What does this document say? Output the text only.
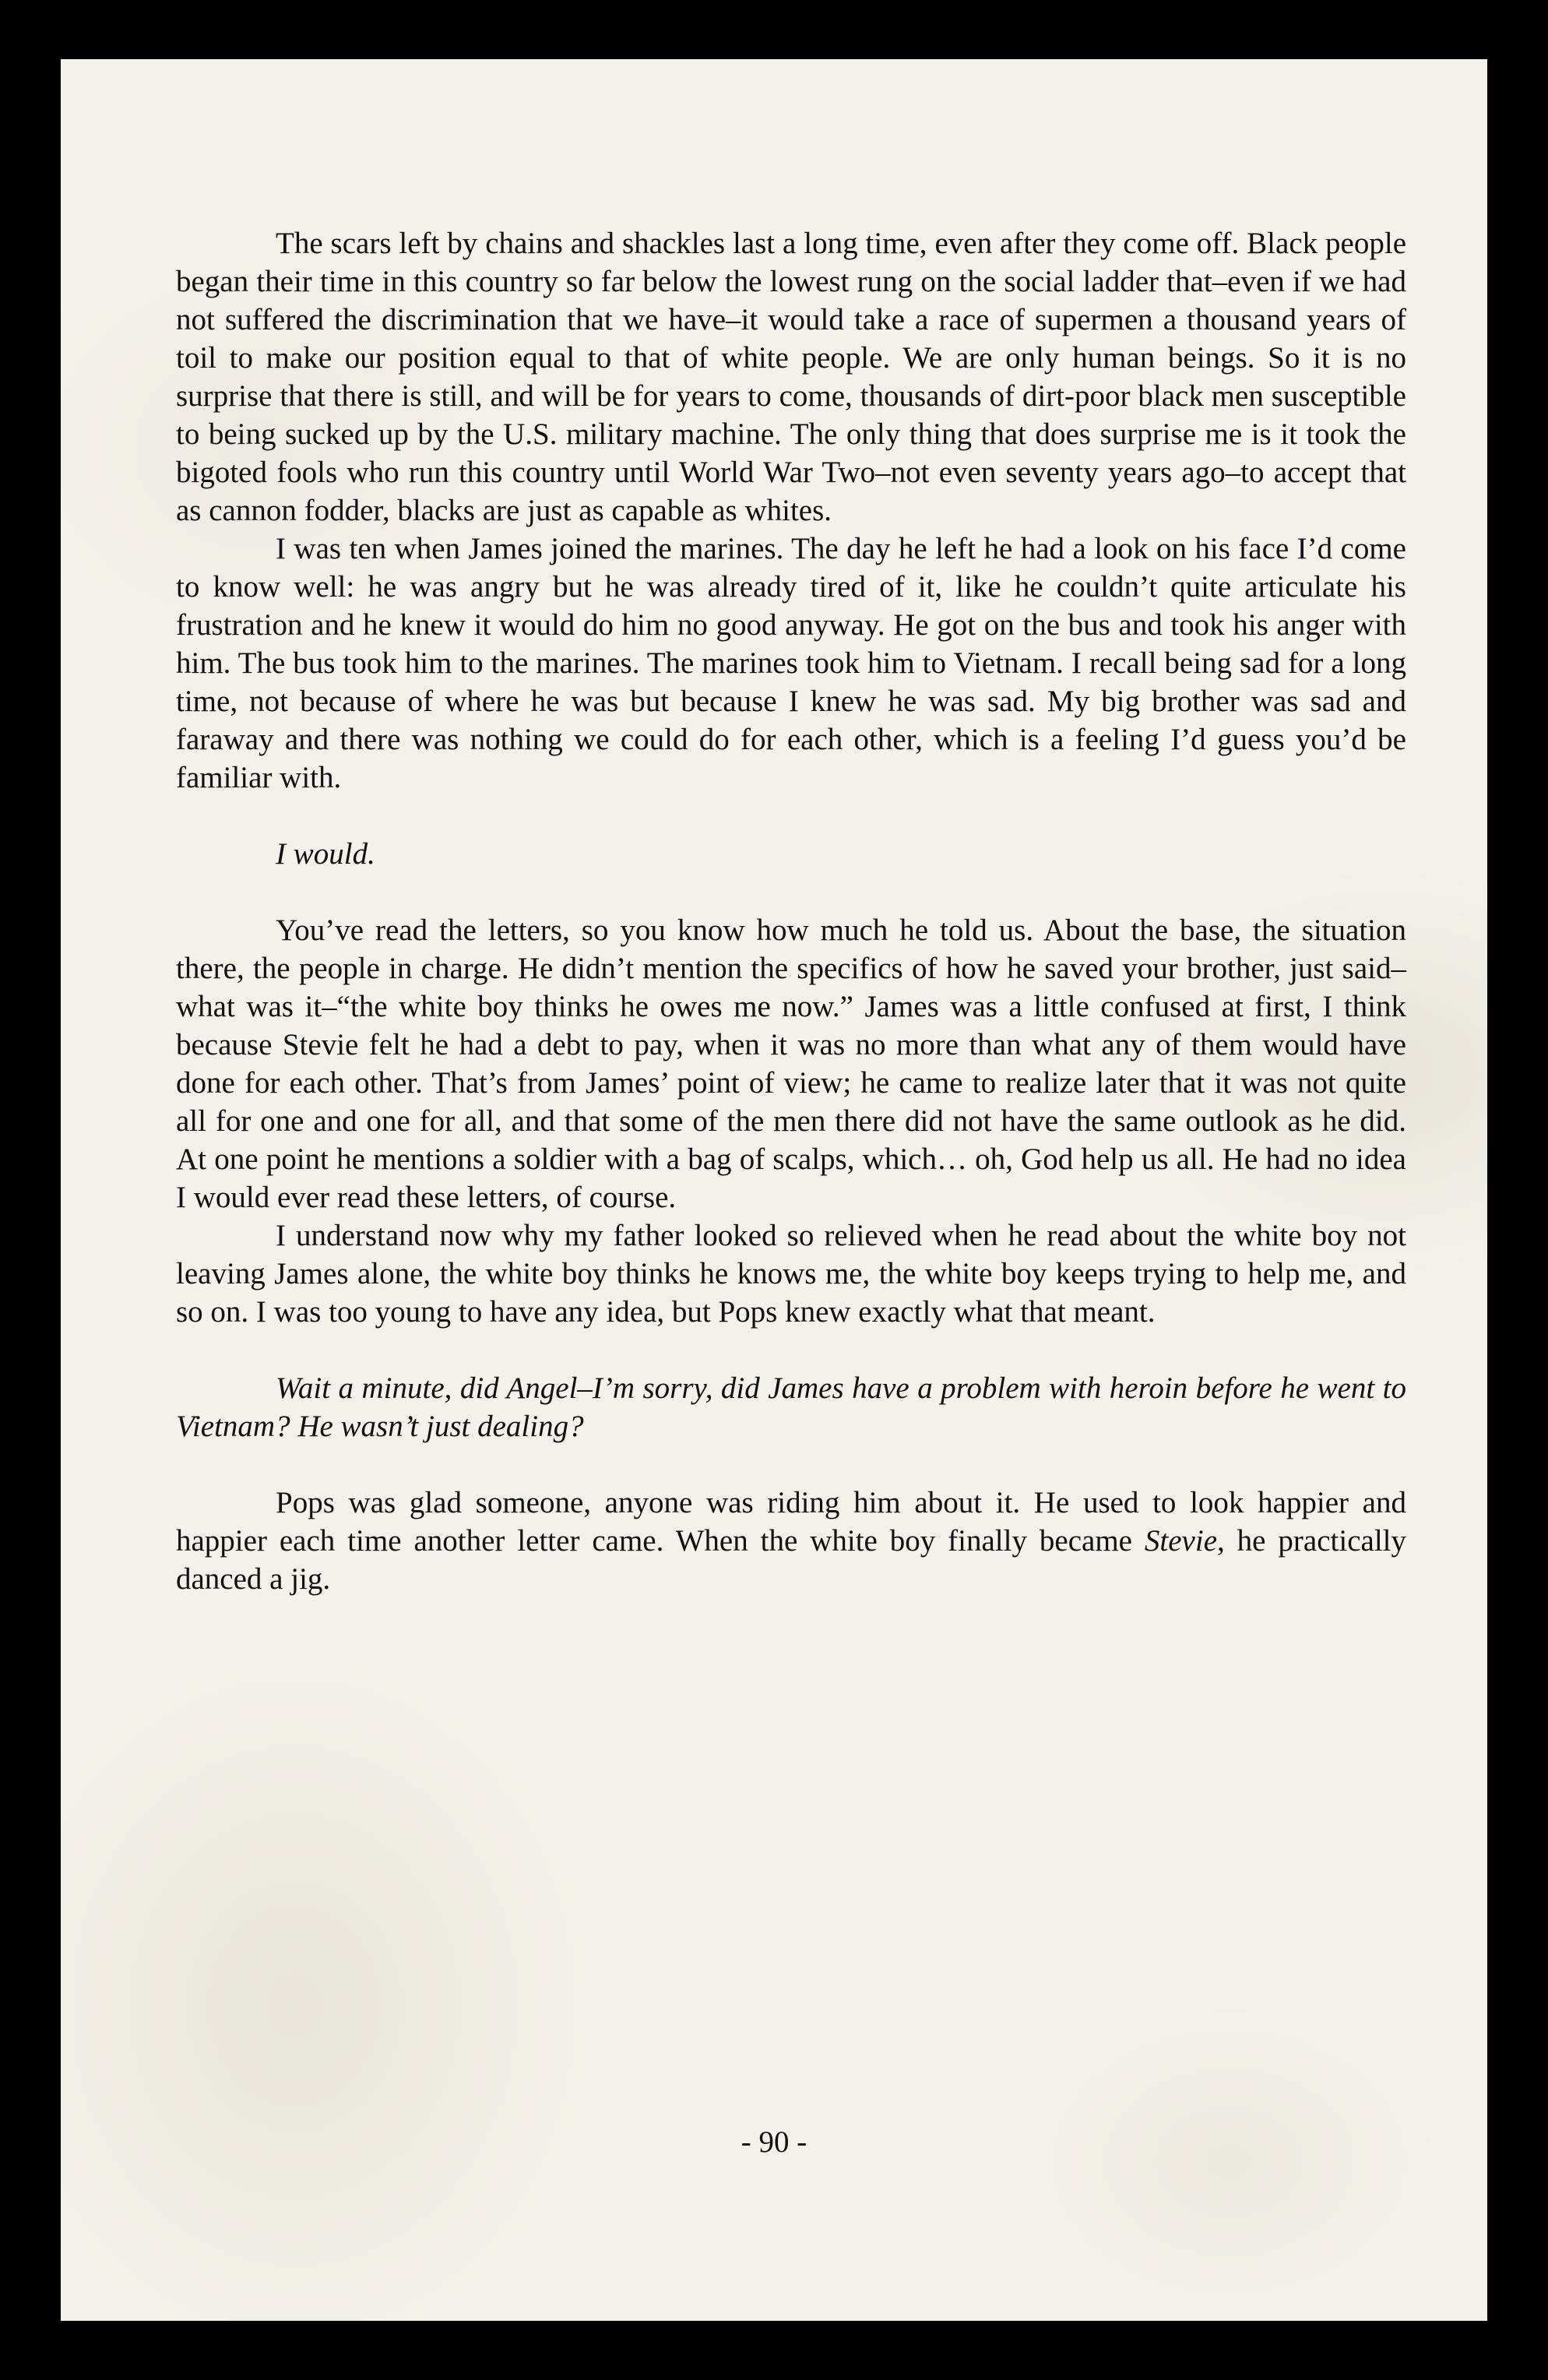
The scars left by chains and shackles last a long time, even after they come off. Black people began their time in this country so far below the lowest rung on the social ladder that–even if we had not suffered the discrimination that we have–it would take a race of supermen a thousand years of toil to make our position equal to that of white people. We are only human beings. So it is no surprise that there is still, and will be for years to come, thousands of dirt-poor black men susceptible to being sucked up by the U.S. military machine. The only thing that does surprise me is it took the bigoted fools who run this country until World War Two–not even seventy years ago–to accept that as cannon fodder, blacks are just as capable as whites.

I was ten when James joined the marines. The day he left he had a look on his face I’d come to know well: he was angry but he was already tired of it, like he couldn’t quite articulate his frustration and he knew it would do him no good anyway. He got on the bus and took his anger with him. The bus took him to the marines. The marines took him to Vietnam. I recall being sad for a long time, not because of where he was but because I knew he was sad. My big brother was sad and faraway and there was nothing we could do for each other, which is a feeling I’d guess you’d be familiar with.

I would.

You’ve read the letters, so you know how much he told us. About the base, the situation there, the people in charge. He didn’t mention the specifics of how he saved your brother, just said–what was it–“the white boy thinks he owes me now.” James was a little confused at first, I think because Stevie felt he had a debt to pay, when it was no more than what any of them would have done for each other. That’s from James’ point of view; he came to realize later that it was not quite all for one and one for all, and that some of the men there did not have the same outlook as he did. At one point he mentions a soldier with a bag of scalps, which… oh, God help us all. He had no idea I would ever read these letters, of course.

I understand now why my father looked so relieved when he read about the white boy not leaving James alone, the white boy thinks he knows me, the white boy keeps trying to help me, and so on. I was too young to have any idea, but Pops knew exactly what that meant.

Wait a minute, did Angel–I’m sorry, did James have a problem with heroin before he went to Vietnam? He wasn’t just dealing?

Pops was glad someone, anyone was riding him about it. He used to look happier and happier each time another letter came. When the white boy finally became Stevie, he practically danced a jig.

- 90 -
